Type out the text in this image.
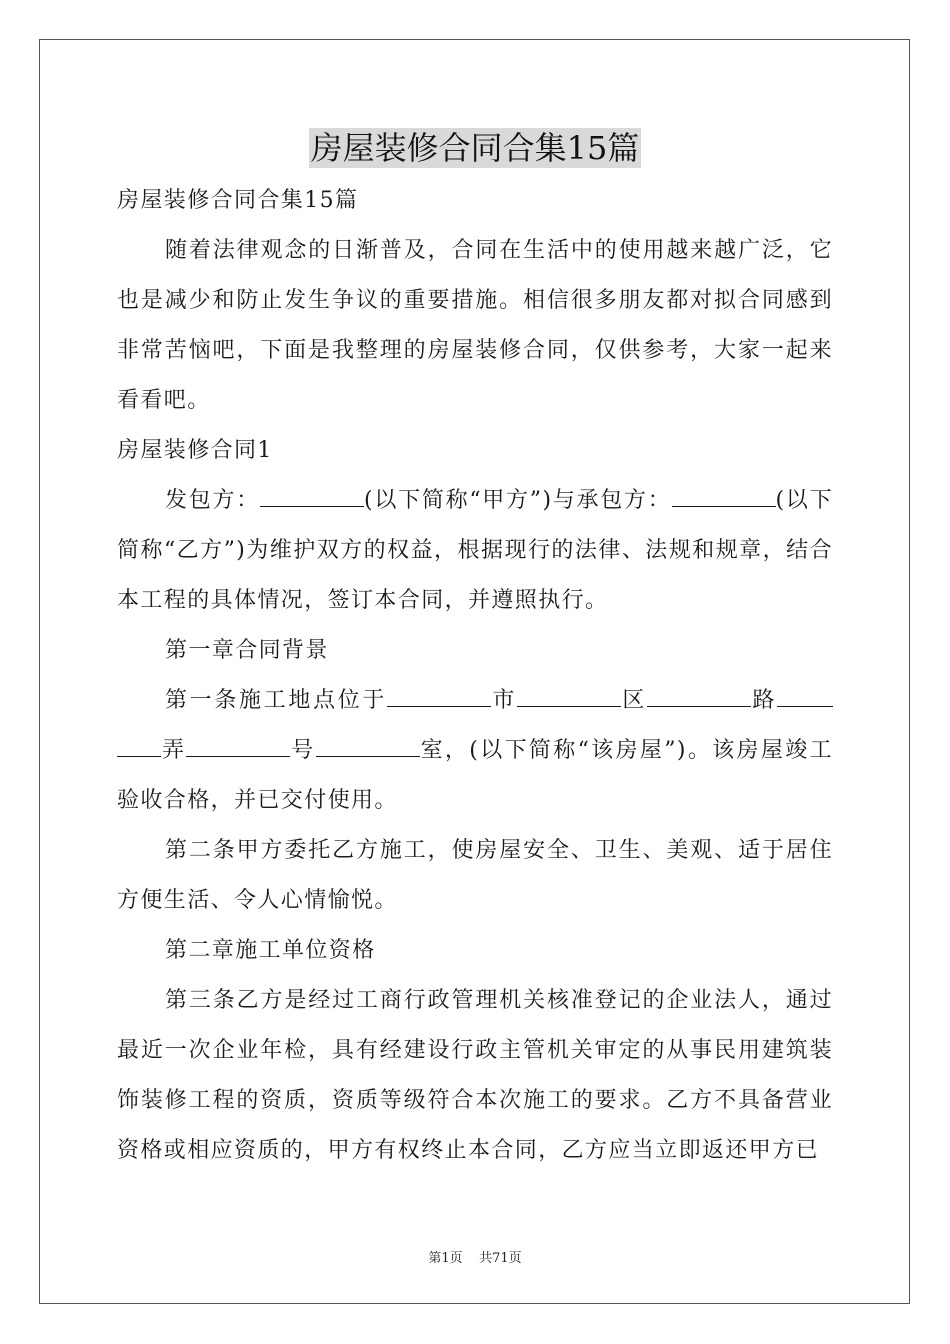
房屋装修合同合集15篇

房屋装修合同合集15篇

随着法律观念的日渐普及，合同在生活中的使用越来越广泛，它也是减少和防止发生争议的重要措施。相信很多朋友都对拟合同感到非常苦恼吧，下面是我整理的房屋装修合同，仅供参考，大家一起来看看吧。

房屋装修合同1

发包方：	(以下简称“甲方”)与承包方：	(以下简称“乙方”)为维护双方的权益，根据现行的法律、法规和规章，结合本工程的具体情况，签订本合同，并遵照执行。

第一章合同背景

第一条施工地点位于	市	区	路弄	号	室，(以下简称“该房屋”)。该房屋竣工验收合格，并已交付使用。

第二条甲方委托乙方施工，使房屋安全、卫生、美观、适于居住方便生活、令人心情愉悦。

第二章施工单位资格

第三条乙方是经过工商行政管理机关核准登记的企业法人，通过最近一次企业年检，具有经建设行政主管机关审定的从事民用建筑装饰装修工程的资质，资质等级符合本次施工的要求。乙方不具备营业资格或相应资质的，甲方有权终止本合同，乙方应当立即返还甲方已

第1页 共71页
